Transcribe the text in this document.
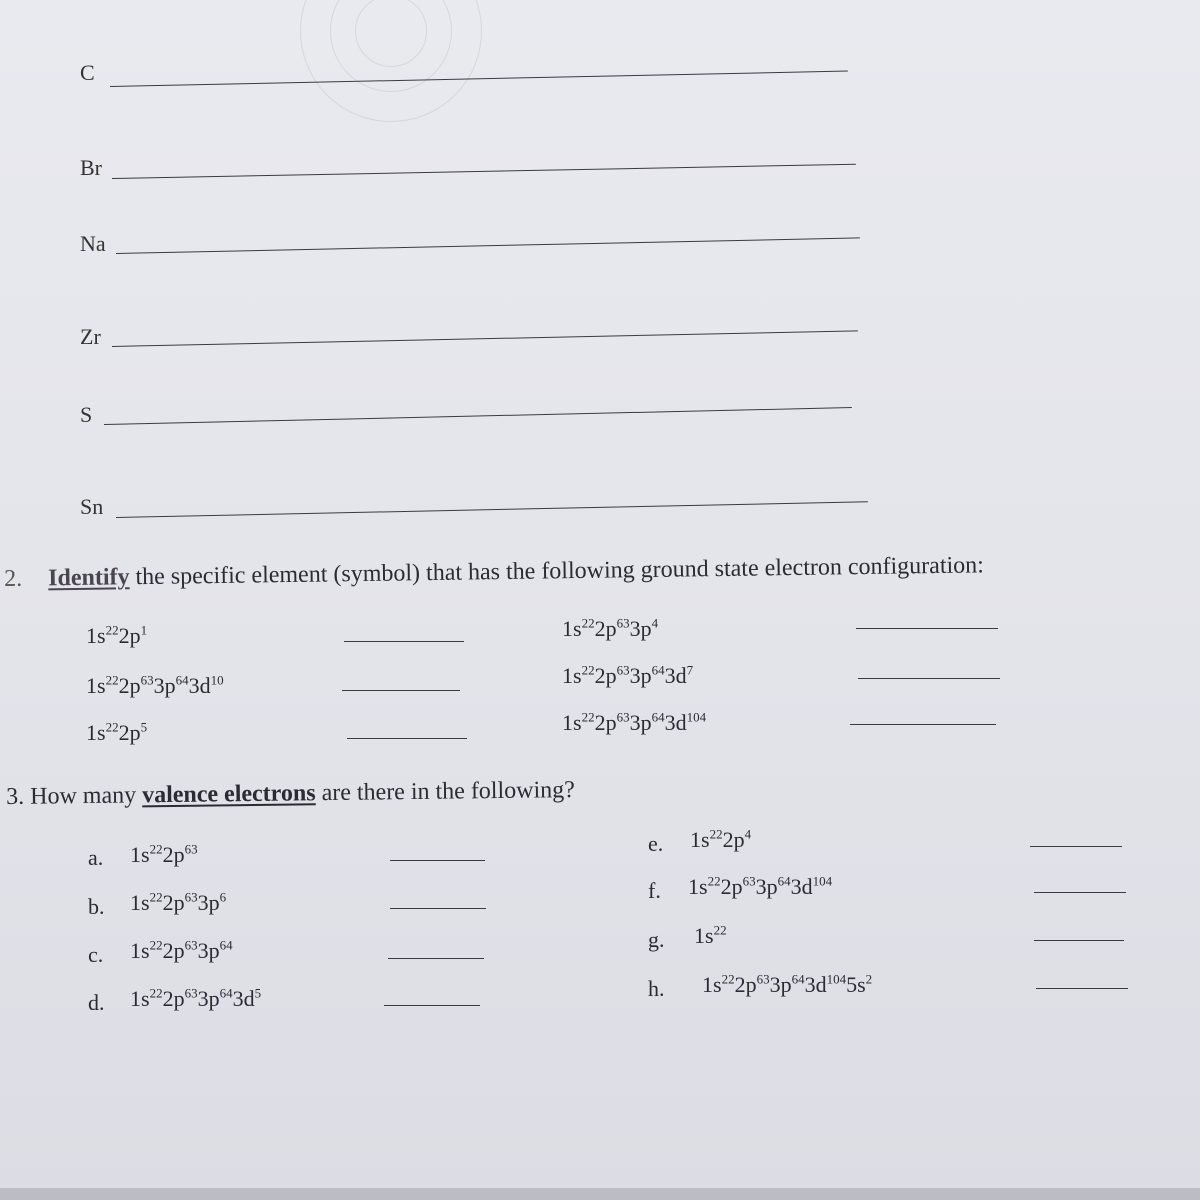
C
Br
Na
Zr
S
Sn
2. Identify the specific element (symbol) that has the following ground state electron configuration:
$1s^{22}2p^1$
$1s^{22}2p^{63}3p^{64}3d^{10}$
$1s^{22}2p^5$
$1s^{22}2p^{63}3p^4$
$1s^{22}2p^{63}3p^{64}3d^7$
$1s^{22}2p^{63}3p^{64}3d^{104}$
3. How many valence electrons are there in the following?
a. $1s^{22}2p^{63}$
b. $1s^{22}2p^{63}3p^6$
c. $1s^{22}2p^{63}3p^{64}$
d. $1s^{22}2p^{63}3p^{64}3d^5$
e. $1s^{22}2p^4$
f. $1s^{22}2p^{63}3p^{64}3d^{104}$
g. $1s^{22}$
h. $1s^{22}2p^{63}3p^{64}3d^{104}5s^2$
